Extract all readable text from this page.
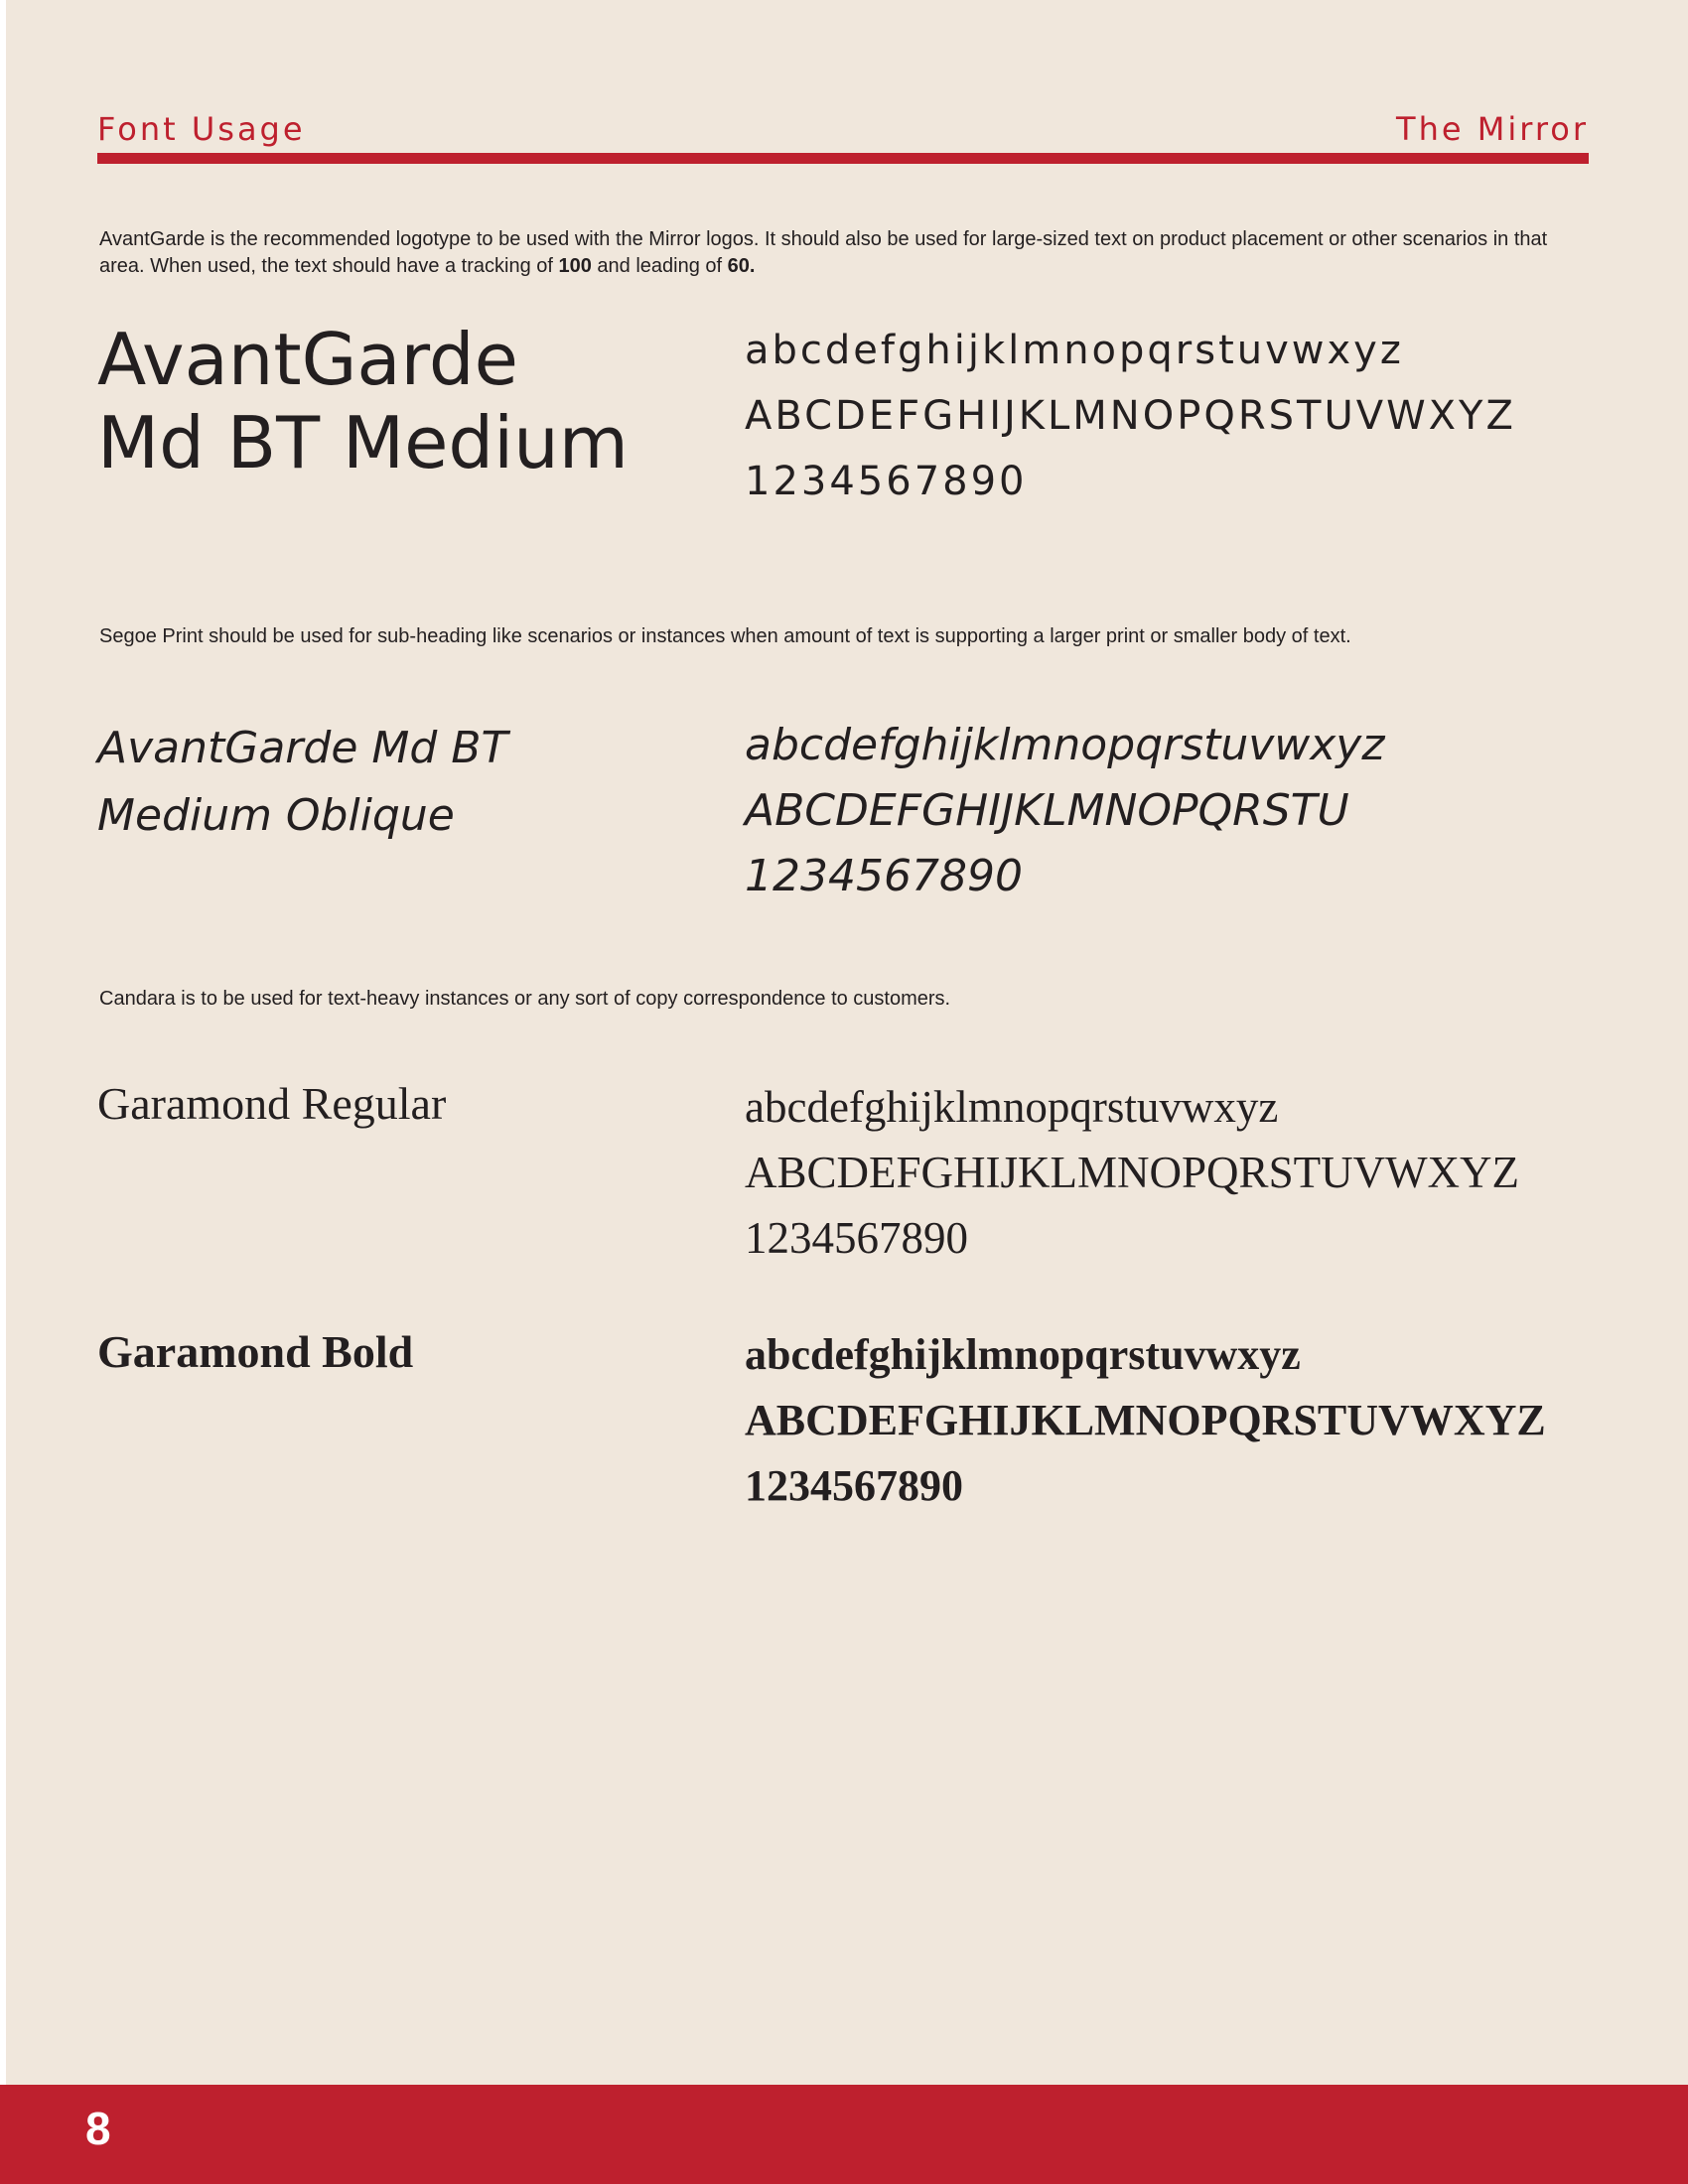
Font Usage	The Mirror
AvantGarde is the recommended logotype to be used with the Mirror logos. It should also be used for large-sized text on product placement or other scenarios in that area. When used, the text should have a tracking of 100 and leading of 60.
AvantGarde
Md BT Medium
abcdefghijklmnopqrstuvwxyz
ABCDEFGHIJKLMNOPQRSTUVWXYZ
1234567890
Segoe Print should be used for sub-heading like scenarios or instances when amount of text is supporting a larger print or smaller body of text.
AvantGarde Md BT
Medium Oblique
abcdefghijklmnopqrstuvwxyz
ABCDEFGHIJKLMNOPQRSTU
1234567890
Candara is to be used for text-heavy instances or any sort of copy correspondence to customers.
Garamond Regular	abcdefghijklmnopqrstuvwxyz
ABCDEFGHIJKLMNOPQRSTUVWXYZ
1234567890
Garamond Bold	abcdefghijklmnopqrstuvwxyz
ABCDEFGHIJKLMNOPQRSTUVWXYZ
1234567890
8
